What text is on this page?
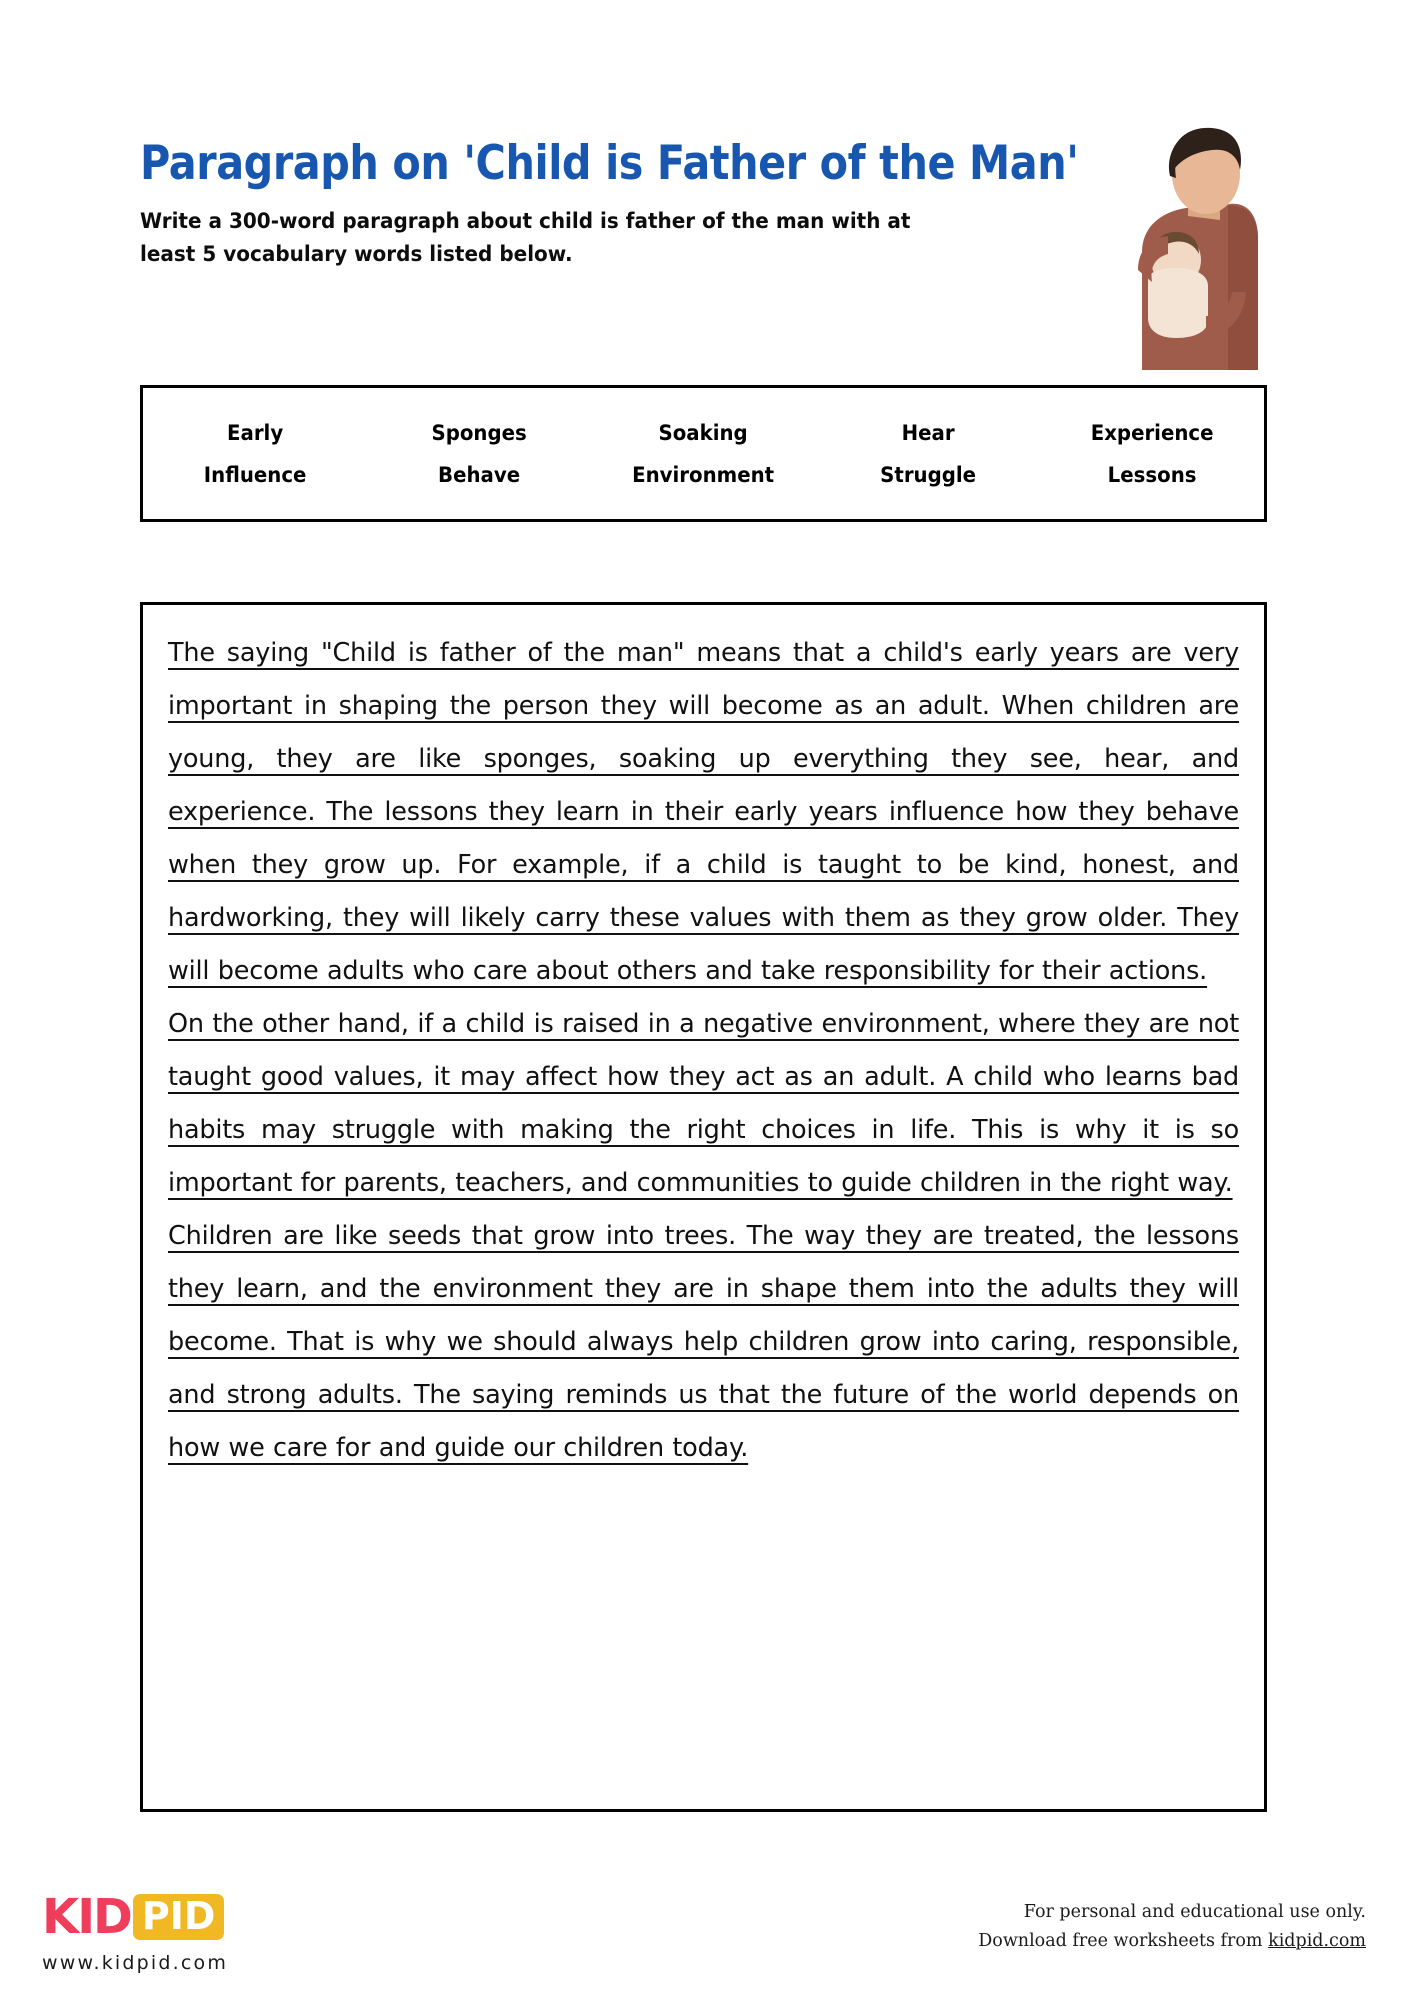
Paragraph on 'Child is Father of the Man'
Write a 300-word paragraph about child is father of the man with at
least 5 vocabulary words listed below.
Early	Sponges	Soaking	Hear	Experience
Influence	Behave	Environment	Struggle	Lessons

The saying "Child is father of the man" means that a child's early years are very important in shaping the person they will become as an adult. When children are young, they are like sponges, soaking up everything they see, hear, and experience. The lessons they learn in their early years influence how they behave when they grow up. For example, if a child is taught to be kind, honest, and hardworking, they will likely carry these values with them as they grow older. They will become adults who care about others and take responsibility for their actions.

On the other hand, if a child is raised in a negative environment, where they are not taught good values, it may affect how they act as an adult. A child who learns bad habits may struggle with making the right choices in life. This is why it is so important for parents, teachers, and communities to guide children in the right way.

Children are like seeds that grow into trees. The way they are treated, the lessons they learn, and the environment they are in shape them into the adults they will become. That is why we should always help children grow into caring, responsible, and strong adults. The saying reminds us that the future of the world depends on how we care for and guide our children today.

KID PID
www.kidpid.com
For personal and educational use only.
Download free worksheets from kidpid.com
